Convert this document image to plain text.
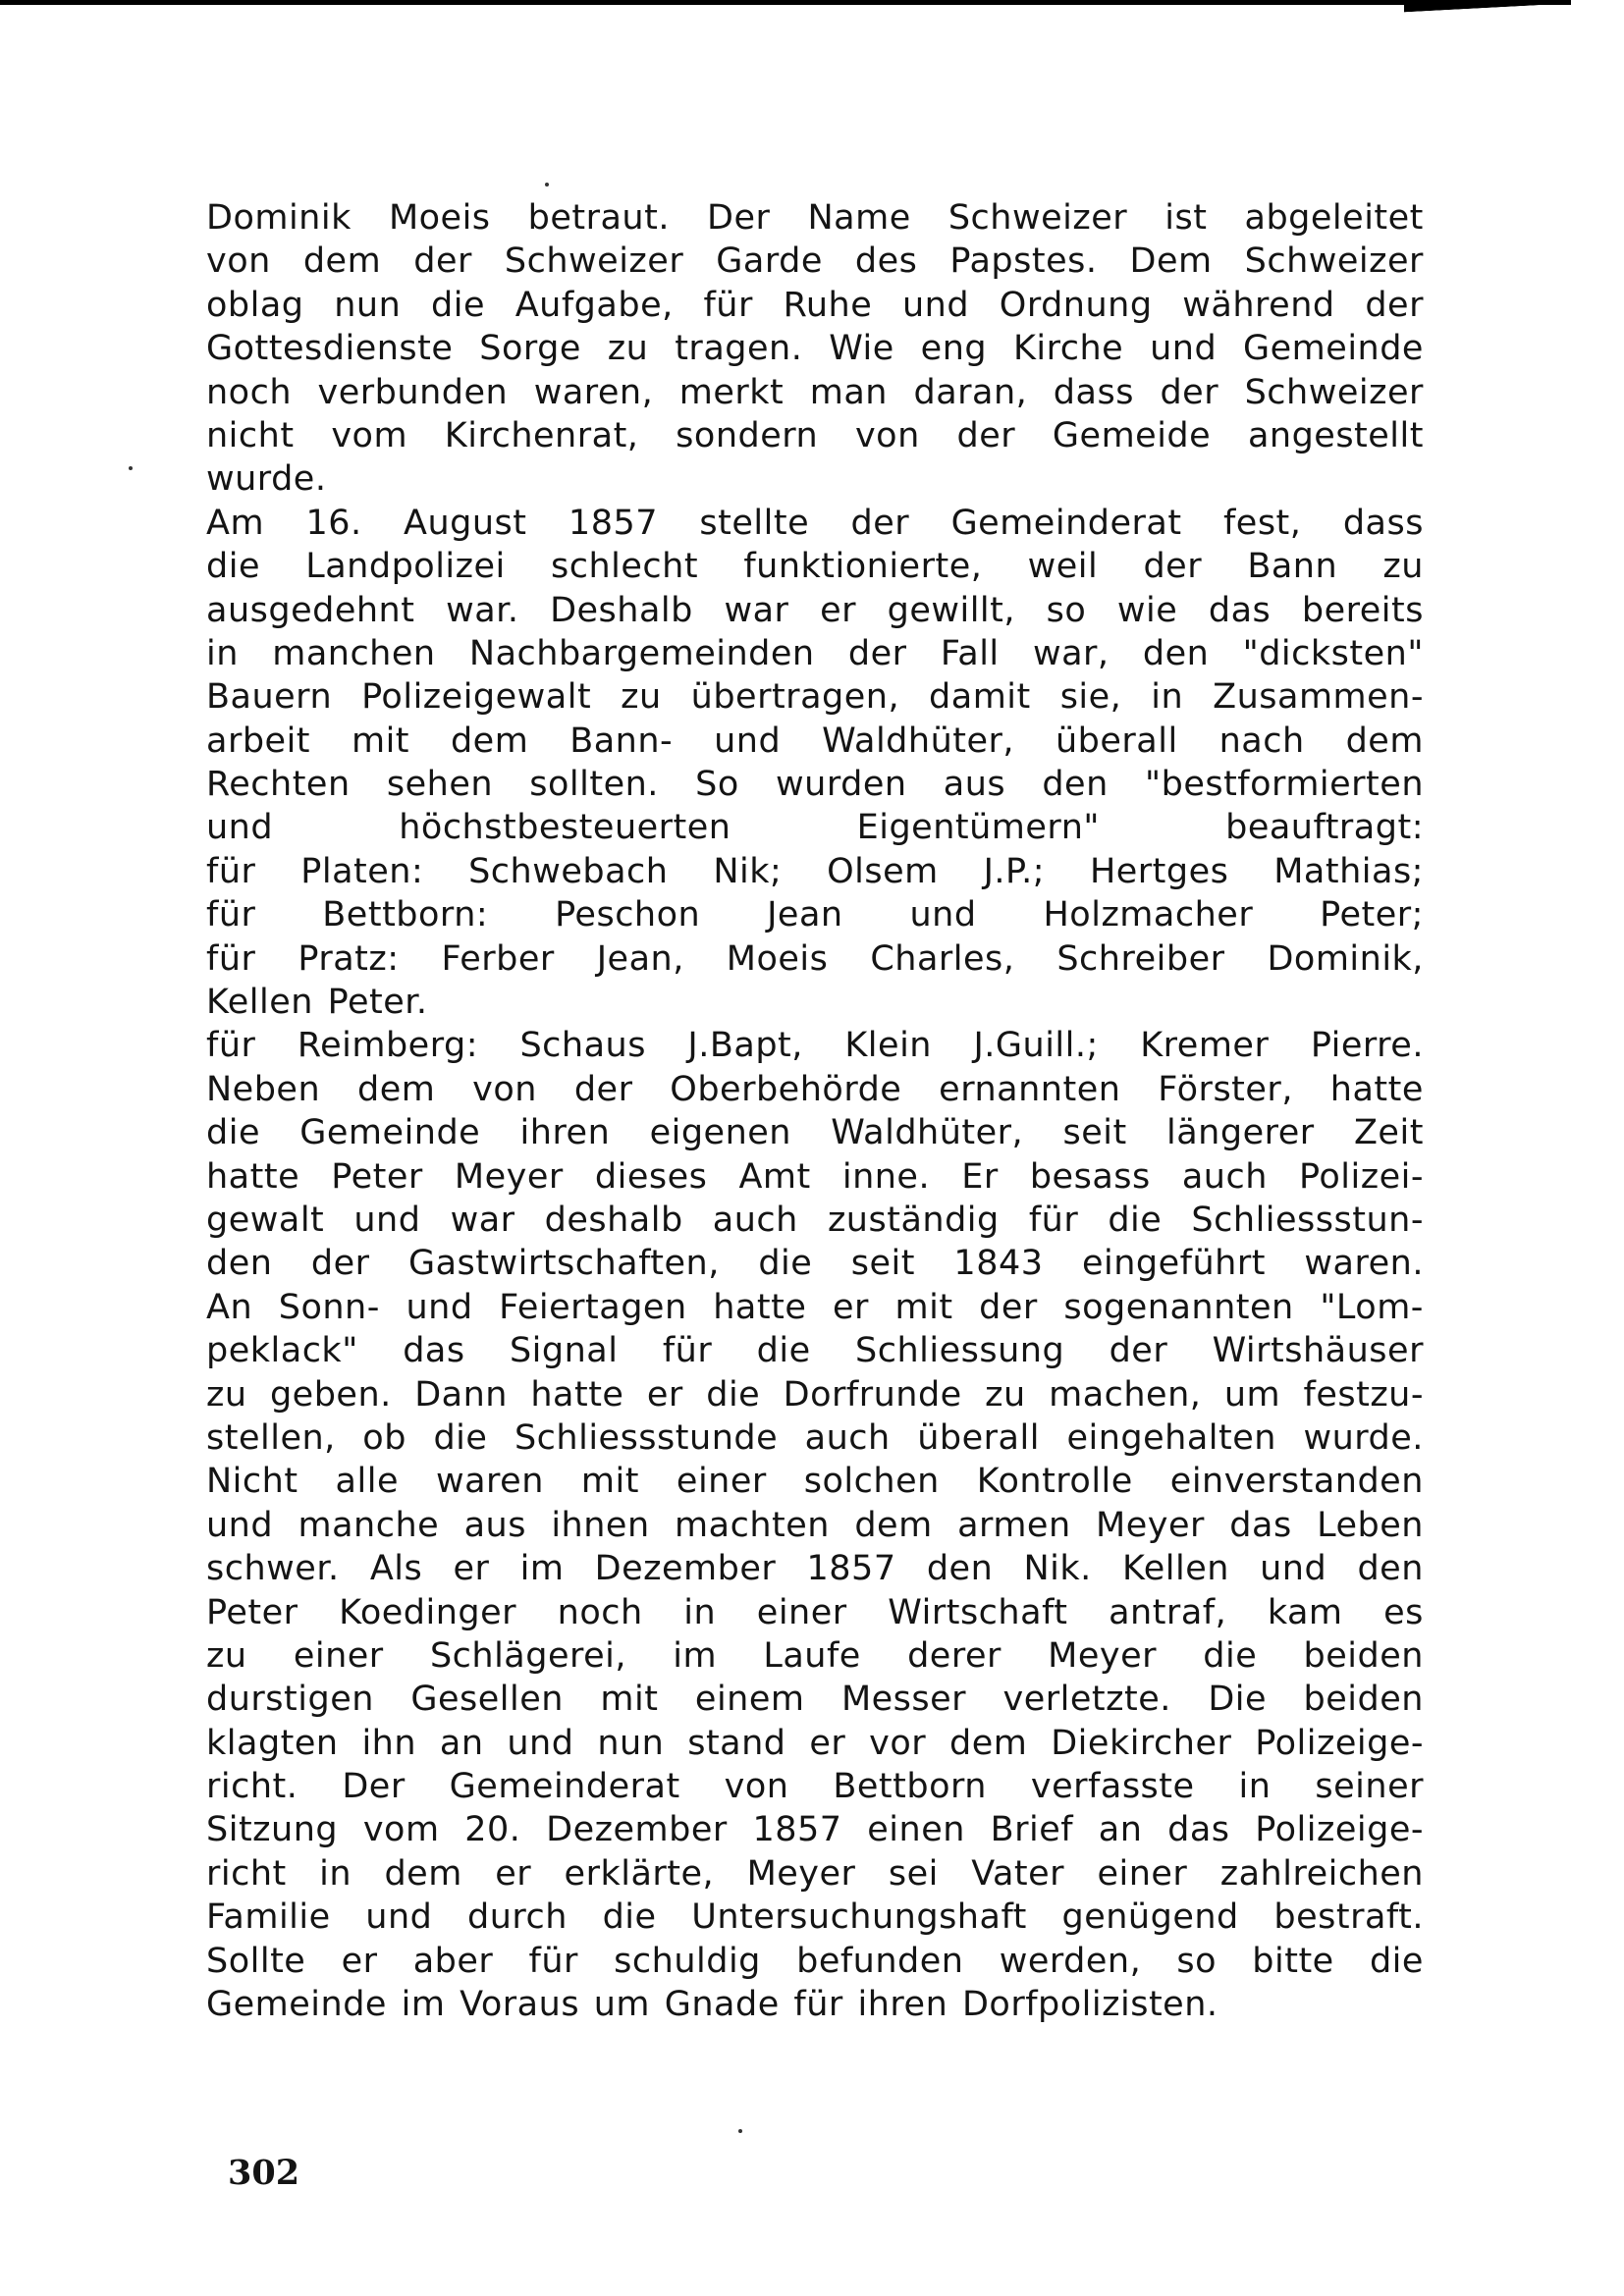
Dominik Moeis betraut. Der Name Schweizer ist abgeleitet
von dem der Schweizer Garde des Papstes. Dem Schweizer
oblag nun die Aufgabe, für Ruhe und Ordnung während der
Gottesdienste Sorge zu tragen. Wie eng Kirche und Gemeinde
noch verbunden waren, merkt man daran, dass der Schweizer
nicht vom Kirchenrat, sondern von der Gemeide angestellt
wurde.
Am 16. August 1857 stellte der Gemeinderat fest, dass
die Landpolizei schlecht funktionierte, weil der Bann zu
ausgedehnt war. Deshalb war er gewillt, so wie das bereits
in manchen Nachbargemeinden der Fall war, den "dicksten"
Bauern Polizeigewalt zu übertragen, damit sie, in Zusammen-
arbeit mit dem Bann- und Waldhüter, überall nach dem
Rechten sehen sollten. So wurden aus den "bestformierten
und	höchstbesteuerten	Eigentümern"	beauftragt:
für Platen: Schwebach Nik; Olsem J.P.; Hertges Mathias;
für Bettborn: Peschon Jean und Holzmacher Peter;
für Pratz: Ferber Jean, Moeis Charles, Schreiber Dominik,
Kellen Peter.
für Reimberg: Schaus J.Bapt, Klein J.Guill.; Kremer Pierre.
Neben dem von der Oberbehörde ernannten Förster, hatte
die Gemeinde ihren eigenen Waldhüter, seit längerer Zeit
hatte Peter Meyer dieses Amt inne. Er besass auch Polizei-
gewalt und war deshalb auch zuständig für die Schliessstun-
den der Gastwirtschaften, die seit 1843 eingeführt waren.
An Sonn- und Feiertagen hatte er mit der sogenannten "Lom-
peklack" das Signal für die Schliessung der Wirtshäuser
zu geben. Dann hatte er die Dorfrunde zu machen, um festzu-
stellen, ob die Schliessstunde auch überall eingehalten wurde.
Nicht alle waren mit einer solchen Kontrolle einverstanden
und manche aus ihnen machten dem armen Meyer das Leben
schwer. Als er im Dezember 1857 den Nik. Kellen und den
Peter Koedinger noch in einer Wirtschaft antraf, kam es
zu einer Schlägerei, im Laufe derer Meyer die beiden
durstigen Gesellen mit einem Messer verletzte. Die beiden
klagten ihn an und nun stand er vor dem Diekircher Polizeige-
richt. Der Gemeinderat von Bettborn verfasste in seiner
Sitzung vom 20. Dezember 1857 einen Brief an das Polizeige-
richt in dem er erklärte, Meyer sei Vater einer zahlreichen
Familie und durch die Untersuchungshaft genügend bestraft.
Sollte er aber für schuldig befunden werden, so bitte die
Gemeinde im Voraus um Gnade für ihren Dorfpolizisten.
302
